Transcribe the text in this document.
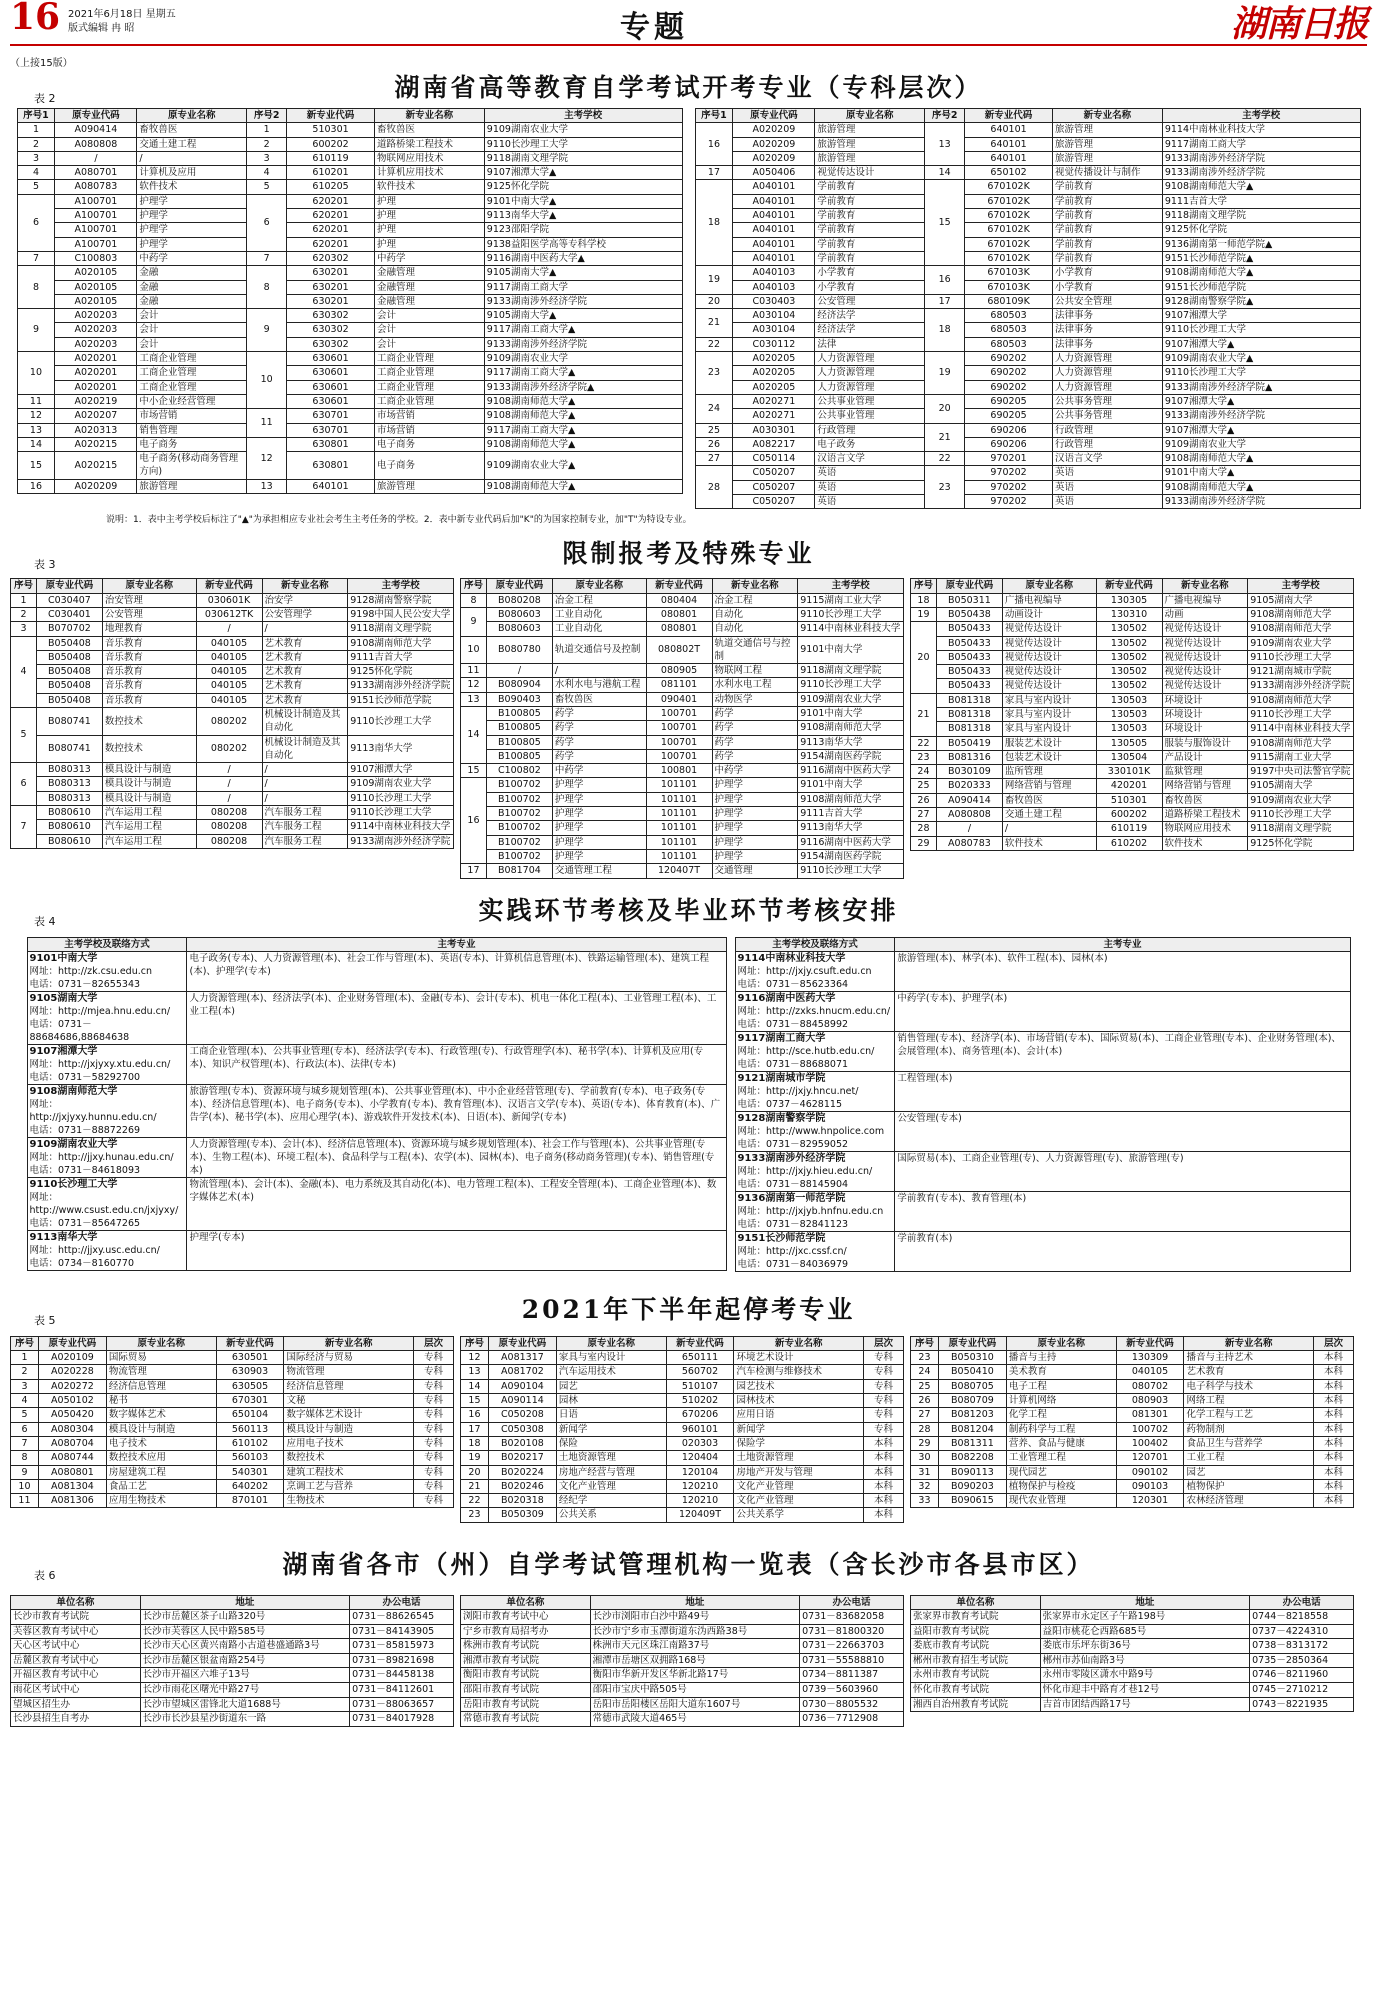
16 2021年6月18日 星期五
版式编辑 冉 昭	专题	湖南日报
（上接15版）
表 2	湖南省高等教育自学考试开考专业（专科层次）
序号1	原专业代码	原专业名称	序号2	新专业代码	新专业名称	主考学校
1	A090414	畜牧兽医	1	510301	畜牧兽医	9109湖南农业大学
2	A080808	交通土建工程	2	600202	道路桥梁工程技术	9110长沙理工大学
3	/	/	3	610119	物联网应用技术	9118湖南文理学院
4	A080701	计算机及应用	4	610201	计算机应用技术	9107湘潭大学▲
5	A080783	软件技术	5	610205	软件技术	9125怀化学院
6	A100701	护理学	6	620201	护理	9101中南大学▲
	A100701	护理学		620201	护理	9113南华大学▲
	A100701	护理学		620201	护理	9123邵阳学院
	A100701	护理学		620201	护理	9138益阳医学高等专科学校
7	C100803	中药学	7	620302	中药学	9116湖南中医药大学▲
8	A020105	金融	8	630201	金融管理	9105湖南大学▲
	A020105	金融		630201	金融管理	9117湖南工商大学
	A020105	金融		630201	金融管理	9133湖南涉外经济学院
9	A020203	会计	9	630302	会计	9105湖南大学▲
	A020203	会计		630302	会计	9117湖南工商大学▲
	A020203	会计		630302	会计	9133湖南涉外经济学院
10	A020201	工商企业管理	10	630601	工商企业管理	9109湖南农业大学
	A020201	工商企业管理		630601	工商企业管理	9117湖南工商大学▲
	A020201	工商企业管理		630601	工商企业管理	9133湖南涉外经济学院▲
11	A020219	中小企业经营管理		630601	工商企业管理	9108湖南师范大学▲
12	A020207	市场营销	11	630701	市场营销	9108湖南师范大学▲
13	A020313	销售管理		630701	市场营销	9117湖南工商大学▲
14	A020215	电子商务	12	630801	电子商务	9108湖南师范大学▲
15	A020215	电子商务(移动商务管理方向)		630801	电子商务	9109湖南农业大学▲
16	A020209	旅游管理	13	640101	旅游管理	9108湖南师范大学▲
序号1	原专业代码	原专业名称	序号2	新专业代码	新专业名称	主考学校
16	A020209	旅游管理	13	640101	旅游管理	9114中南林业科技大学
	A020209	旅游管理		640101	旅游管理	9117湖南工商大学
	A020209	旅游管理		640101	旅游管理	9133湖南涉外经济学院
17	A050406	视觉传达设计	14	650102	视觉传播设计与制作	9133湖南涉外经济学院
18	A040101	学前教育	15	670102K	学前教育	9108湖南师范大学▲
	A040101	学前教育		670102K	学前教育	9111吉首大学
	A040101	学前教育		670102K	学前教育	9118湖南文理学院
	A040101	学前教育		670102K	学前教育	9125怀化学院
	A040101	学前教育		670102K	学前教育	9136湖南第一师范学院▲
	A040101	学前教育		670102K	学前教育	9151长沙师范学院▲
19	A040103	小学教育	16	670103K	小学教育	9108湖南师范大学▲
	A040103	小学教育		670103K	小学教育	9151长沙师范学院
20	C030403	公安管理	17	680109K	公共安全管理	9128湖南警察学院▲
21	A030104	经济法学	18	680503	法律事务	9107湘潭大学
	A030104	经济法学		680503	法律事务	9110长沙理工大学
22	C030112	法律		680503	法律事务	9107湘潭大学▲
23	A020205	人力资源管理	19	690202	人力资源管理	9109湖南农业大学▲
	A020205	人力资源管理		690202	人力资源管理	9110长沙理工大学
	A020205	人力资源管理		690202	人力资源管理	9133湖南涉外经济学院▲
24	A020271	公共事业管理	20	690205	公共事务管理	9107湘潭大学▲
	A020271	公共事业管理		690205	公共事务管理	9133湖南涉外经济学院
25	A030301	行政管理	21	690206	行政管理	9107湘潭大学▲
26	A082217	电子政务		690206	行政管理	9109湖南农业大学
27	C050114	汉语言文学	22	970201	汉语言文学	9108湖南师范大学▲
28	C050207	英语	23	970202	英语	9101中南大学▲
	C050207	英语		970202	英语	9108湖南师范大学▲
	C050207	英语		970202	英语	9133湖南涉外经济学院
说明：1．表中主考学校后标注了"▲"为承担相应专业社会考生主考任务的学校。2．表中新专业代码后加"K"的为国家控制专业，加"T"为特设专业。
表 3	限制报考及特殊专业
序号	原专业代码	原专业名称	新专业代码	新专业名称	主考学校
1	C030407	治安管理	030601K	治安学	9128湖南警察学院
2	C030401	公安管理	030612TK	公安管理学	9198中国人民公安大学
3	B070702	地理教育	/	/	9118湖南文理学院
4	B050408	音乐教育	040105	艺术教育	9108湖南师范大学
	B050408	音乐教育	040105	艺术教育	9111吉首大学
	B050408	音乐教育	040105	艺术教育	9125怀化学院
	B050408	音乐教育	040105	艺术教育	9133湖南涉外经济学院
	B050408	音乐教育	040105	艺术教育	9151长沙师范学院
5	B080741	数控技术	080202	机械设计制造及其自动化	9110长沙理工大学
	B080741	数控技术	080202	机械设计制造及其自动化	9113南华大学
6	B080313	模具设计与制造	/	/	9107湘潭大学
	B080313	模具设计与制造	/	/	9109湖南农业大学
	B080313	模具设计与制造	/	/	9110长沙理工大学
7	B080610	汽车运用工程	080208	汽车服务工程	9110长沙理工大学
	B080610	汽车运用工程	080208	汽车服务工程	9114中南林业科技大学
	B080610	汽车运用工程	080208	汽车服务工程	9133湖南涉外经济学院
序号	原专业代码	原专业名称	新专业代码	新专业名称	主考学校
8	B080208	冶金工程	080404	冶金工程	9115湖南工业大学
9	B080603	工业自动化	080801	自动化	9110长沙理工大学
	B080603	工业自动化	080801	自动化	9114中南林业科技大学
10	B080780	轨道交通信号及控制	080802T	轨道交通信号与控制	9101中南大学
11	/	/	080905	物联网工程	9118湖南文理学院
12	B080904	水利水电与港航工程	081101	水利水电工程	9110长沙理工大学
13	B090403	畜牧兽医	090401	动物医学	9109湖南农业大学
14	B100805	药学	100701	药学	9101中南大学
	B100805	药学	100701	药学	9108湖南师范大学
	B100805	药学	100701	药学	9113南华大学
	B100805	药学	100701	药学	9154湖南医药学院
15	C100802	中药学	100801	中药学	9116湖南中医药大学
16	B100702	护理学	101101	护理学	9101中南大学
	B100702	护理学	101101	护理学	9108湖南师范大学
	B100702	护理学	101101	护理学	9111吉首大学
	B100702	护理学	101101	护理学	9113南华大学
	B100702	护理学	101101	护理学	9116湖南中医药大学
	B100702	护理学	101101	护理学	9154湖南医药学院
17	B081704	交通管理工程	120407T	交通管理	9110长沙理工大学
序号	原专业代码	原专业名称	新专业代码	新专业名称	主考学校
18	B050311	广播电视编导	130305	广播电视编导	9105湖南大学
19	B050438	动画设计	130310	动画	9108湖南师范大学
20	B050433	视觉传达设计	130502	视觉传达设计	9108湖南师范大学
	B050433	视觉传达设计	130502	视觉传达设计	9109湖南农业大学
	B050433	视觉传达设计	130502	视觉传达设计	9110长沙理工大学
	B050433	视觉传达设计	130502	视觉传达设计	9121湖南城市学院
	B050433	视觉传达设计	130502	视觉传达设计	9133湖南涉外经济学院
21	B081318	家具与室内设计	130503	环境设计	9108湖南师范大学
	B081318	家具与室内设计	130503	环境设计	9110长沙理工大学
	B081318	家具与室内设计	130503	环境设计	9114中南林业科技大学
22	B050419	服装艺术设计	130505	服装与服饰设计	9108湖南师范大学
23	B081316	包装艺术设计	130504	产品设计	9115湖南工业大学
24	B030109	监所管理	330101K	监狱管理	9197中央司法警官学院
25	B020333	网络营销与管理	420201	网络营销与管理	9105湖南大学
26	A090414	畜牧兽医	510301	畜牧兽医	9109湖南农业大学
27	A080808	交通土建工程	600202	道路桥梁工程技术	9110长沙理工大学
28	/	/	610119	物联网应用技术	9118湖南文理学院
29	A080783	软件技术	610202	软件技术	9125怀化学院
表 4	实践环节考核及毕业环节考核安排
主考学校及联络方式	主考专业

9101中南大学
网址：http://zk.csu.edu.cn
电话：0731－82655343	电子政务(专本)、人力资源管理(本)、社会工作与管理(本)、英语(专本)、计算机信息管理(本)、铁路运输管理(本)、建筑工程(本)、护理学(专本)

9105湖南大学
网址：http://mjea.hnu.edu.cn/
电话：0731－88684686,88684638	人力资源管理(本)、经济法学(本)、企业财务管理(本)、金融(专本)、会计(专本)、机电一体化工程(本)、工业管理工程(本)、工业工程(本)

9107湘潭大学
网址：http://jxjyxy.xtu.edu.cn/
电话：0731－58292700	工商企业管理(本)、公共事业管理(专本)、经济法学(专本)、行政管理(专)、行政管理学(本)、秘书学(本)、计算机及应用(专本)、知识产权管理(本)、行政法(本)、法律(专本)

9108湖南师范大学
网址：http://jxjyxy.hunnu.edu.cn/
电话：0731－88872269	旅游管理(专本)、资源环境与城乡规划管理(本)、公共事业管理(本)、中小企业经营管理(专)、学前教育(专本)、电子政务(专本)、经济信息管理(本)、电子商务(专本)、小学教育(专本)、教育管理(本)、汉语言文学(专本)、英语(专本)、体育教育(本)、广告学(本)、秘书学(本)、应用心理学(本)、游戏软件开发技术(本)、日语(本)、新闻学(专本)

9109湖南农业大学
网址：http://jjxy.hunau.edu.cn/
电话：0731－84618093	人力资源管理(专本)、会计(本)、经济信息管理(本)、资源环境与城乡规划管理(本)、社会工作与管理(本)、公共事业管理(专本)、生物工程(本)、环境工程(本)、食品科学与工程(本)、农学(本)、园林(本)、电子商务(移动商务管理)(专本)、销售管理(专本)

9110长沙理工大学
网址：http://www.csust.edu.cn/jxjyxy/
电话：0731－85647265	物流管理(本)、会计(本)、金融(本)、电力系统及其自动化(本)、电力管理工程(本)、工程安全管理(本)、工商企业管理(本)、数字媒体艺术(本)

9113南华大学
网址：http://jjxy.usc.edu.cn/
电话：0734－8160770	护理学(专本)
主考学校及联络方式	主考专业

9114中南林业科技大学
网址：http://jxjy.csuft.edu.cn
电话：0731－85623364	旅游管理(本)、林学(本)、软件工程(本)、园林(本)

9116湖南中医药大学
网址：http://zxks.hnucm.edu.cn/
电话：0731－88458992	中药学(专本)、护理学(本)

9117湖南工商大学
网址：http://sce.hutb.edu.cn/
电话：0731－88688071	销售管理(专本)、经济学(本)、市场营销(专本)、国际贸易(本)、工商企业管理(专本)、企业财务管理(本)、会展管理(本)、商务管理(本)、会计(本)

9121湖南城市学院
网址：http://jxjy.hncu.net/
电话：0737－4628115	工程管理(本)

9128湖南警察学院
网址：http://www.hnpolice.com
电话：0731－82959052	公安管理(专本)

9133湖南涉外经济学院
网址：http://jxjy.hieu.edu.cn/
电话：0731－88145904	国际贸易(本)、工商企业管理(专)、人力资源管理(专)、旅游管理(专)

9136湖南第一师范学院
网址：http://jxjyb.hnfnu.edu.cn
电话：0731－82841123	学前教育(专本)、教育管理(本)

9151长沙师范学院
网址：http://jxc.cssf.cn/
电话：0731－84036979	学前教育(本)
表 5	2021年下半年起停考专业
序号	原专业代码	原专业名称	新专业代码	新专业名称	层次
1	A020109	国际贸易	630501	国际经济与贸易	专科
2	A020228	物流管理	630903	物流管理	专科
3	A020272	经济信息管理	630505	经济信息管理	专科
4	A050102	秘书	670301	文秘	专科
5	A050420	数字媒体艺术	650104	数字媒体艺术设计	专科
6	A080304	模具设计与制造	560113	模具设计与制造	专科
7	A080704	电子技术	610102	应用电子技术	专科
8	A080744	数控技术应用	560103	数控技术	专科
9	A080801	房屋建筑工程	540301	建筑工程技术	专科
10	A081304	食品工艺	640202	烹调工艺与营养	专科
11	A081306	应用生物技术	870101	生物技术	专科
序号	原专业代码	原专业名称	新专业代码	新专业名称	层次
12	A081317	家具与室内设计	650111	环境艺术设计	专科
13	A081702	汽车运用技术	560702	汽车检测与维修技术	专科
14	A090104	园艺	510107	园艺技术	专科
15	A090114	园林	510202	园林技术	专科
16	C050208	日语	670206	应用日语	专科
17	C050308	新闻学	960101	新闻学	专科
18	B020108	保险	020303	保险学	本科
19	B020217	土地资源管理	120404	土地资源管理	本科
20	B020224	房地产经营与管理	120104	房地产开发与管理	本科
21	B020246	文化产业管理	120210	文化产业管理	本科
22	B020318	经纪学	120210	文化产业管理	本科
23	B050309	公共关系	120409T	公共关系学	本科
序号	原专业代码	原专业名称	新专业代码	新专业名称	层次
23	B050310	播音与主持	130309	播音与主持艺术	本科
24	B050410	美术教育	040105	艺术教育	本科
25	B080705	电子工程	080702	电子科学与技术	本科
26	B080709	计算机网络	080903	网络工程	本科
27	B081203	化学工程	081301	化学工程与工艺	本科
28	B081204	制药科学与工程	100702	药物制剂	本科
29	B081311	营养、食品与健康	100402	食品卫生与营养学	本科
30	B082208	工业管理工程	120701	工业工程	本科
31	B090113	现代园艺	090102	园艺	本科
32	B090203	植物保护与检疫	090103	植物保护	本科
33	B090615	现代农业管理	120301	农林经济管理	本科
表 6	湖南省各市（州）自学考试管理机构一览表（含长沙市各县市区）
单位名称	地址	办公电话
长沙市教育考试院	长沙市岳麓区茶子山路320号	0731－88626545
芙蓉区教育考试中心	长沙市芙蓉区人民中路585号	0731－84143905
天心区考试中心	长沙市天心区黄兴南路小古道巷盛通路3号	0731－85815973
岳麓区教育考试中心	长沙市岳麓区银盆南路254号	0731－89821698
开福区教育考试中心	长沙市开福区六堆子13号	0731－84458138
雨花区考试中心	长沙市雨花区曙光中路27号	0731－84112601
望城区招生办	长沙市望城区雷锋北大道1688号	0731－88063657
长沙县招生自考办	长沙市长沙县星沙街道东一路	0731－84017928
单位名称	地址	办公电话
浏阳市教育考试中心	长沙市浏阳市白沙中路49号	0731－83682058
宁乡市教育局招考办	长沙市宁乡市玉潭街道东沩西路38号	0731－81800320
株洲市教育考试院	株洲市天元区珠江南路37号	0731－22663703
湘潭市教育考试院	湘潭市岳塘区双拥路168号	0731－55588810
衡阳市教育考试院	衡阳市华新开发区华新北路17号	0734－8811387
邵阳市教育考试院	邵阳市宝庆中路505号	0739－5603960
岳阳市教育考试院	岳阳市岳阳楼区岳阳大道东1607号	0730－8805532
常德市教育考试院	常德市武陵大道465号	0736－7712908
单位名称	地址	办公电话
张家界市教育考试院	张家界市永定区子午路198号	0744－8218558
益阳市教育考试院	益阳市桃花仑西路685号	0737－4224310
娄底市教育考试院	娄底市乐坪东街36号	0738－8313172
郴州市教育招生考试院	郴州市苏仙南路3号	0735－2850364
永州市教育考试院	永州市零陵区潇水中路9号	0746－8211960
怀化市教育考试院	怀化市迎丰中路育才巷12号	0745－2710212
湘西自治州教育考试院	吉首市团结西路17号	0743－8221935
